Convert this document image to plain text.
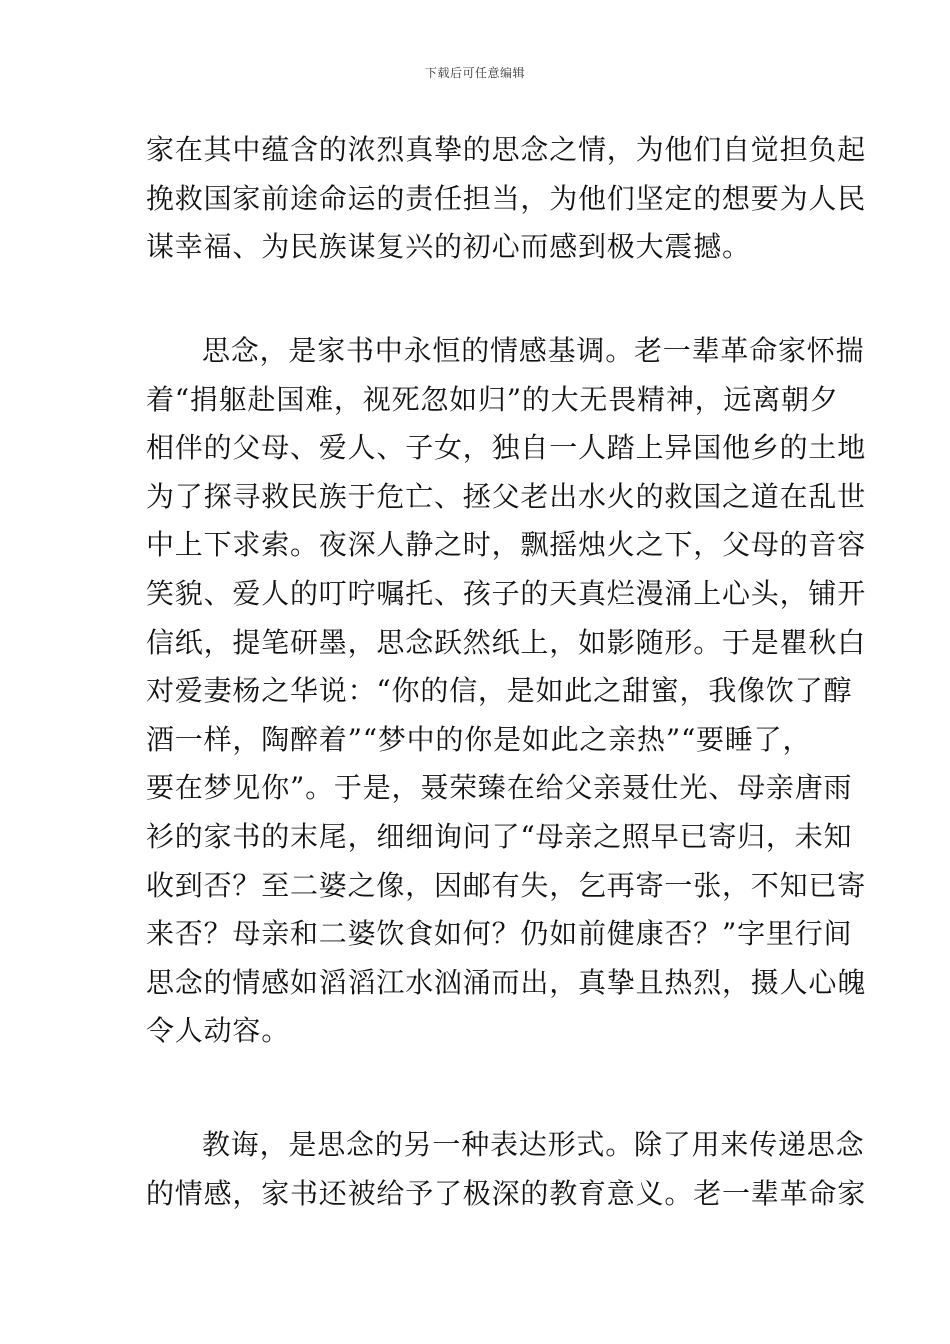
下载后可任意编辑
家在其中蕴含的浓烈真挚的思念之情，为他们自觉担负起
挽救国家前途命运的责任担当，为他们坚定的想要为人民
谋幸福、为民族谋复兴的初心而感到极大震撼。
思念，是家书中永恒的情感基调。老一辈革命家怀揣
着“捐躯赴国难，视死忽如归”的大无畏精神，远离朝夕
相伴的父母、爱人、子女，独自一人踏上异国他乡的土地
为了探寻救民族于危亡、拯父老出水火的救国之道在乱世
中上下求索。夜深人静之时，飘摇烛火之下，父母的音容
笑貌、爱人的叮咛嘱托、孩子的天真烂漫涌上心头，铺开
信纸，提笔研墨，思念跃然纸上，如影随形。于是瞿秋白
对爱妻杨之华说：“你的信，是如此之甜蜜，我像饮了醇
酒一样，陶醉着”“梦中的你是如此之亲热”“要睡了，
要在梦见你”。于是，聂荣臻在给父亲聂仕光、母亲唐雨
衫的家书的末尾，细细询问了“母亲之照早已寄归，未知
收到否？至二婆之像，因邮有失，乞再寄一张，不知已寄
来否？母亲和二婆饮食如何？仍如前健康否？”字里行间
思念的情感如滔滔江水汹涌而出，真挚且热烈，摄人心魄
令人动容。
教诲，是思念的另一种表达形式。除了用来传递思念
的情感，家书还被给予了极深的教育意义。老一辈革命家
